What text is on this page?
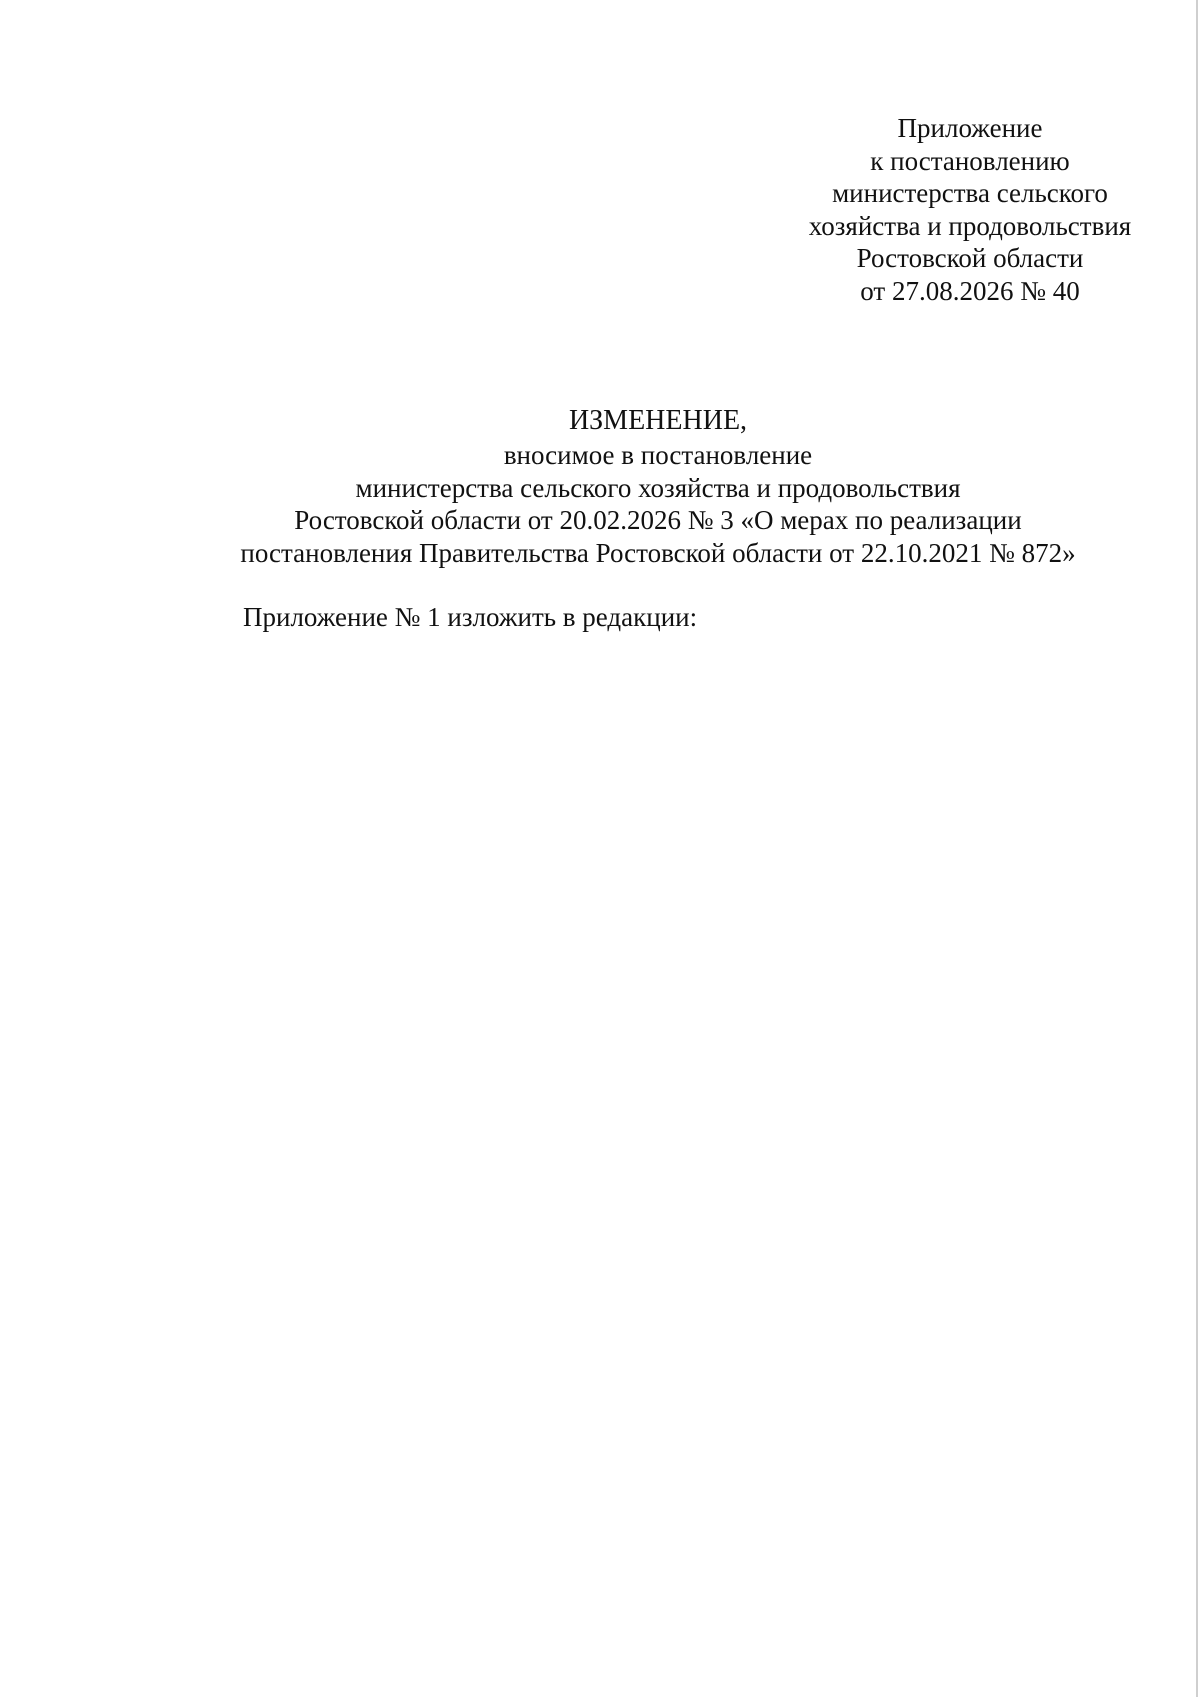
Приложение
к постановлению
министерства сельского
хозяйства и продовольствия
Ростовской области
от 27.08.2026 № 40
ИЗМЕНЕНИЕ,
вносимое в постановление
министерства сельского хозяйства и продовольствия
Ростовской области от 20.02.2026 № 3 «О мерах по реализации
постановления Правительства Ростовской области от 22.10.2021 № 872»
Приложение № 1 изложить в редакции:
